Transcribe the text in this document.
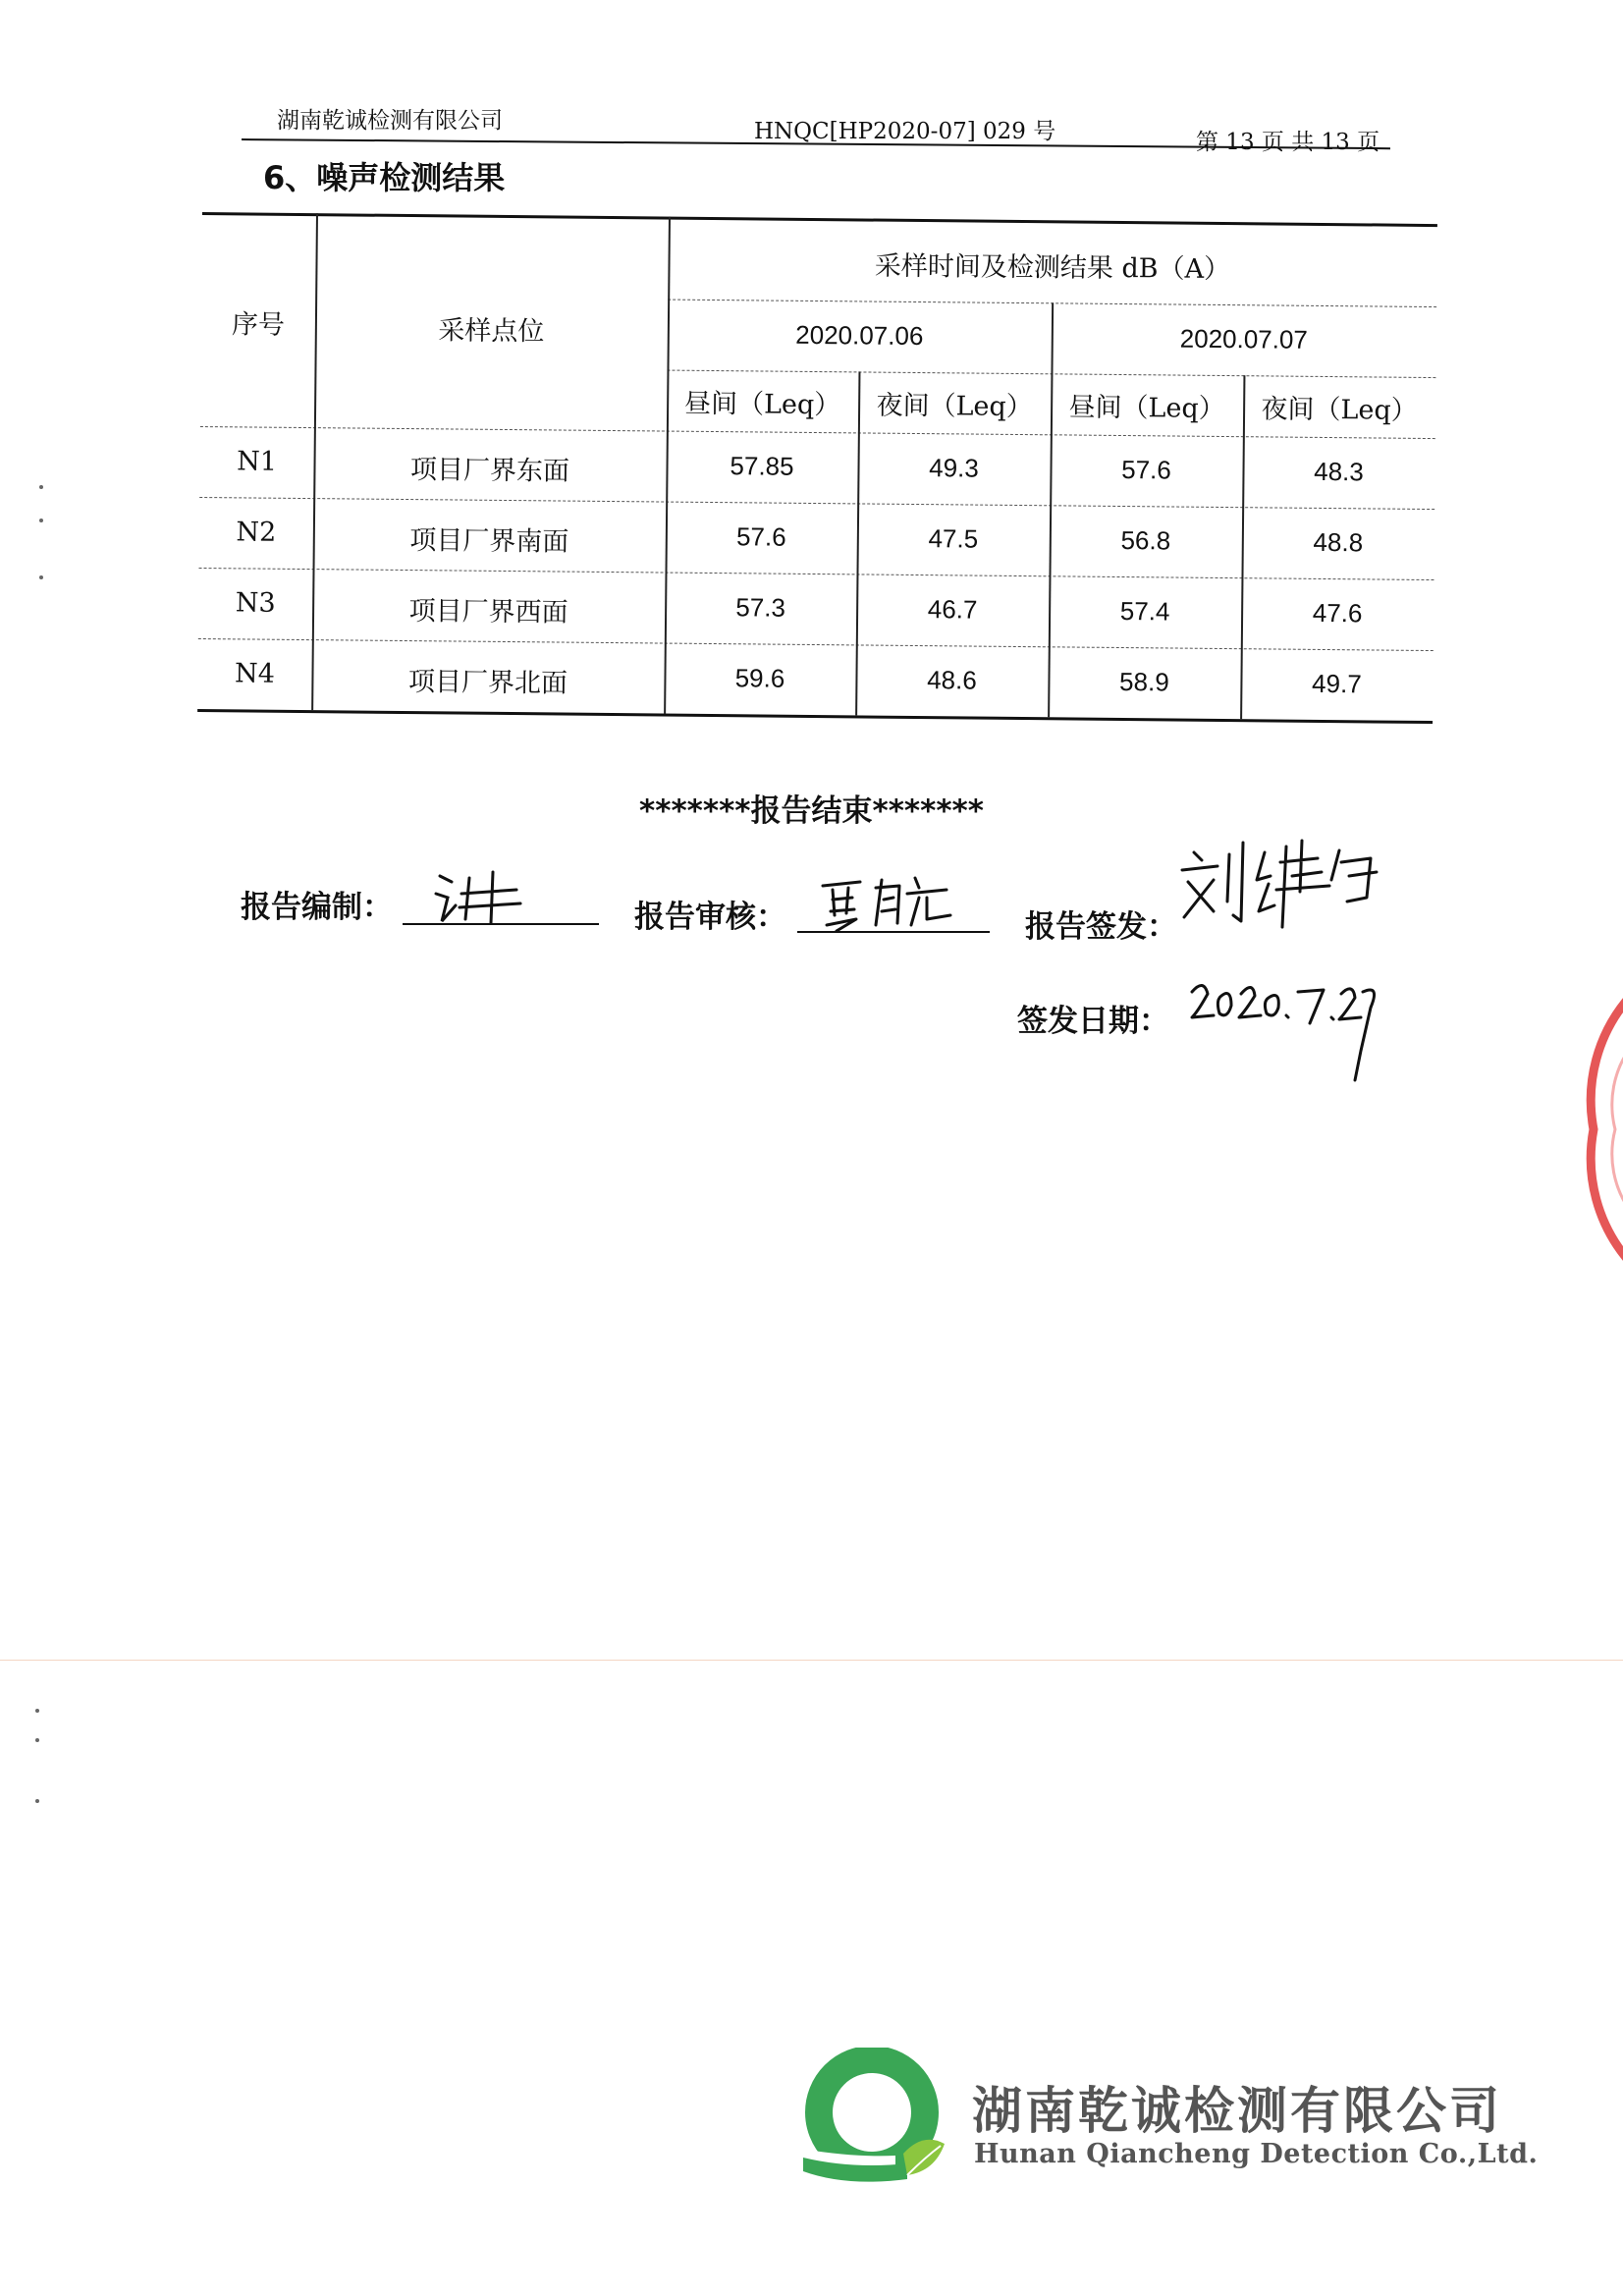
湖南乾诚检测有限公司	HNQC[HP2020-07] 029 号	第 13 页 共 13 页
6、噪声检测结果
序号	采样点位
采样时间及检测结果 dB（A）
2020.07.06	2020.07.07
昼间（Leq）	夜间（Leq）	昼间（Leq）	夜间（Leq）
N1	项目厂界东面	57.85	49.3	57.6	48.3
N2	项目厂界南面	57.6	47.5	56.8	48.8
N3	项目厂界西面	57.3	46.7	57.4	47.6
N4	项目厂界北面	59.6	48.6	58.9	49.7
*******报告结束*******
报告编制：	报告审核：	报告签发：
签发日期：
湖南乾诚检测有限公司
Hunan Qiancheng Detection Co.,Ltd.
